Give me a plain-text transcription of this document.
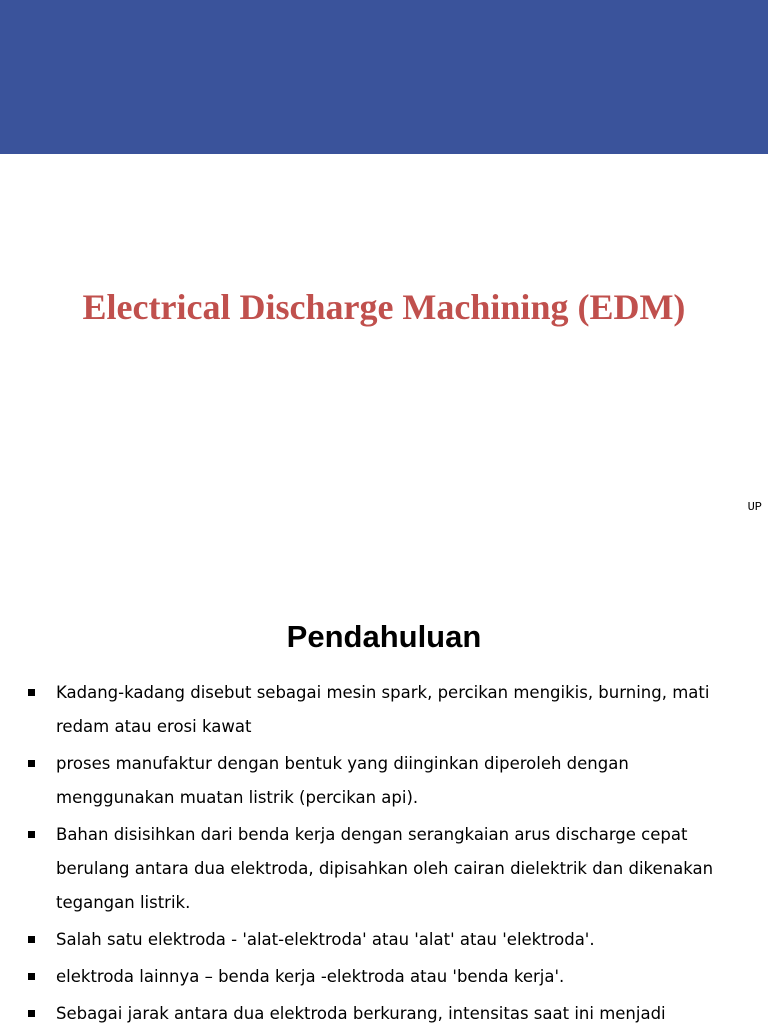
Electrical Discharge Machining (EDM)
UP
Pendahuluan
Kadang-kadang disebut sebagai mesin spark, percikan mengikis, burning, mati redam atau erosi kawat
proses manufaktur dengan bentuk yang diinginkan diperoleh dengan menggunakan muatan listrik (percikan api).
Bahan disisihkan dari benda kerja dengan serangkaian arus discharge cepat berulang antara dua elektroda, dipisahkan oleh cairan dielektrik dan dikenakan tegangan listrik.
Salah satu elektroda - 'alat-elektroda' atau 'alat' atau 'elektroda'.
elektroda lainnya – benda kerja -elektroda atau 'benda kerja'.
Sebagai jarak antara dua elektroda berkurang, intensitas saat ini menjadi
